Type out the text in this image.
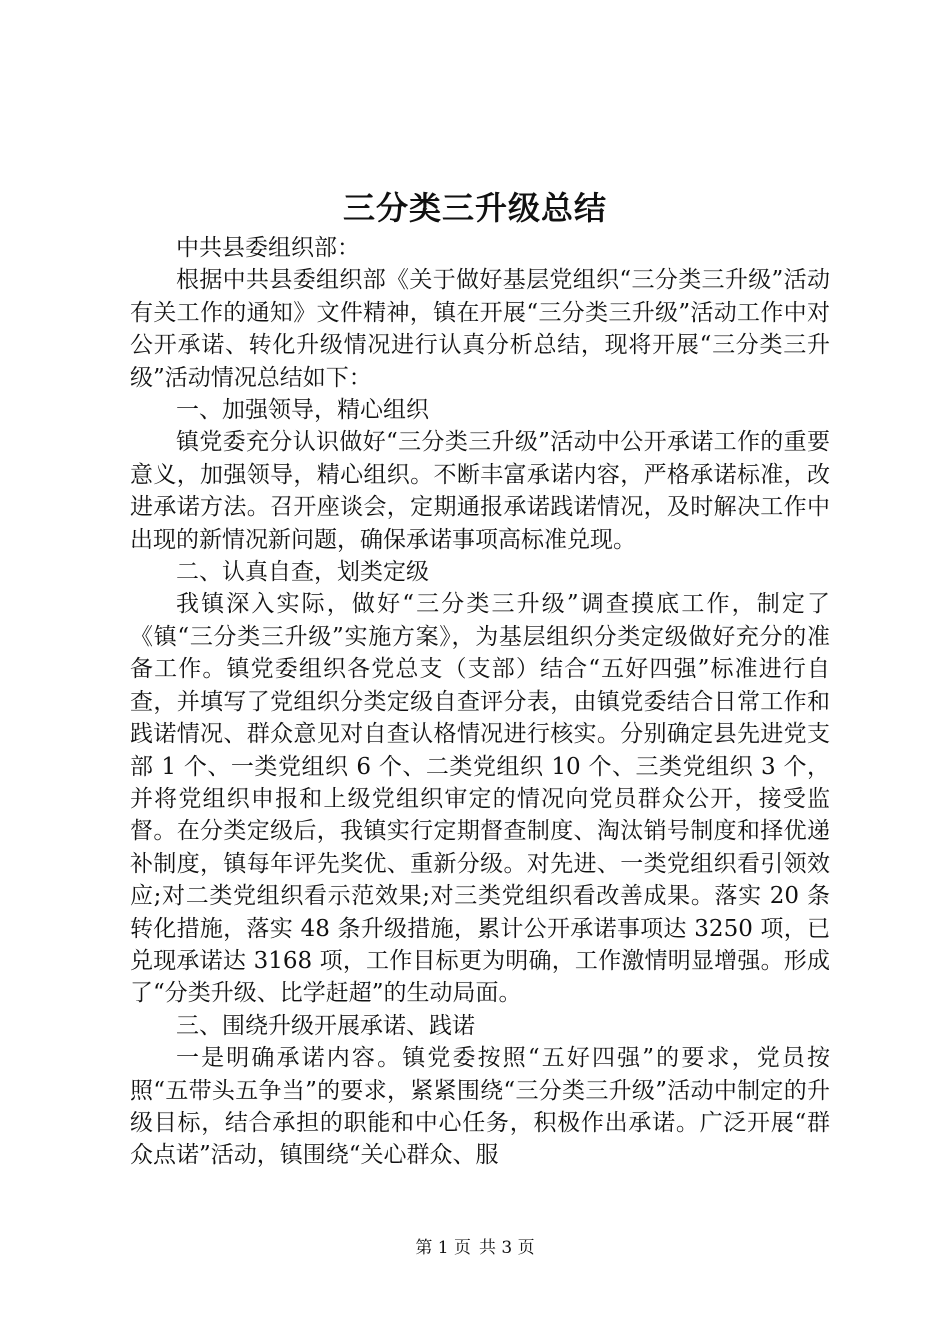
三分类三升级总结

中共县委组织部：

根据中共县委组织部《关于做好基层党组织“三分类三升级”活动有关工作的通知》文件精神，镇在开展“三分类三升级”活动工作中对公开承诺、转化升级情况进行认真分析总结，现将开展“三分类三升级”活动情况总结如下：

一、加强领导，精心组织

镇党委充分认识做好“三分类三升级”活动中公开承诺工作的重要意义，加强领导，精心组织。不断丰富承诺内容，严格承诺标准，改进承诺方法。召开座谈会，定期通报承诺践诺情况，及时解决工作中出现的新情况新问题，确保承诺事项高标准兑现。

二、认真自查，划类定级

我镇深入实际，做好“三分类三升级”调查摸底工作，制定了《镇“三分类三升级”实施方案》，为基层组织分类定级做好充分的准备工作。镇党委组织各党总支（支部）结合“五好四强”标准进行自查，并填写了党组织分类定级自查评分表，由镇党委结合日常工作和践诺情况、群众意见对自查认格情况进行核实。分别确定县先进党支部 1 个、一类党组织 6 个、二类党组织 10 个、三类党组织 3 个，并将党组织申报和上级党组织审定的情况向党员群众公开，接受监督。在分类定级后，我镇实行定期督查制度、淘汰销号制度和择优递补制度，镇每年评先奖优、重新分级。对先进、一类党组织看引领效应;对二类党组织看示范效果;对三类党组织看改善成果。落实 20 条转化措施，落实 48 条升级措施，累计公开承诺事项达 3250 项，已兑现承诺达 3168 项，工作目标更为明确，工作激情明显增强。形成了“分类升级、比学赶超”的生动局面。

三、围绕升级开展承诺、践诺

一是明确承诺内容。镇党委按照“五好四强”的要求，党员按照“五带头五争当”的要求，紧紧围绕“三分类三升级”活动中制定的升级目标，结合承担的职能和中心任务，积极作出承诺。广泛开展“群众点诺”活动，镇围绕“关心群众、服

第 1 页 共 3 页
